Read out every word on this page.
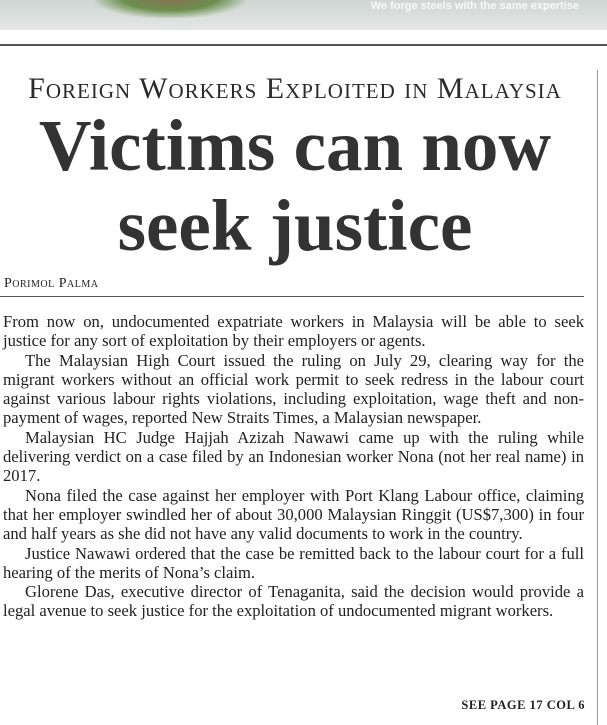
We forge steels with the same expertise
Foreign Workers Exploited in Malaysia
Victims can now seek justice
Porimol Palma

From now on, undocumented expatriate workers in Malaysia will be able to seek justice for any sort of exploitation by their employers or agents.

The Malaysian High Court issued the ruling on July 29, clearing way for the migrant workers without an official work permit to seek redress in the labour court against various labour rights violations, including exploitation, wage theft and non-payment of wages, reported New Straits Times, a Malaysian newspaper.

Malaysian HC Judge Hajjah Azizah Nawawi came up with the ruling while delivering verdict on a case filed by an Indonesian worker Nona (not her real name) in 2017.

Nona filed the case against her employer with Port Klang Labour office, claiming that her employer swindled her of about 30,000 Malaysian Ringgit (US$7,300) in four and half years as she did not have any valid documents to work in the country.

Justice Nawawi ordered that the case be remitted back to the labour court for a full hearing of the merits of Nona’s claim.

Glorene Das, executive director of Tenaganita, said the decision would provide a legal avenue to seek justice for the exploitation of undocumented migrant workers.

SEE PAGE 17 COL 6
